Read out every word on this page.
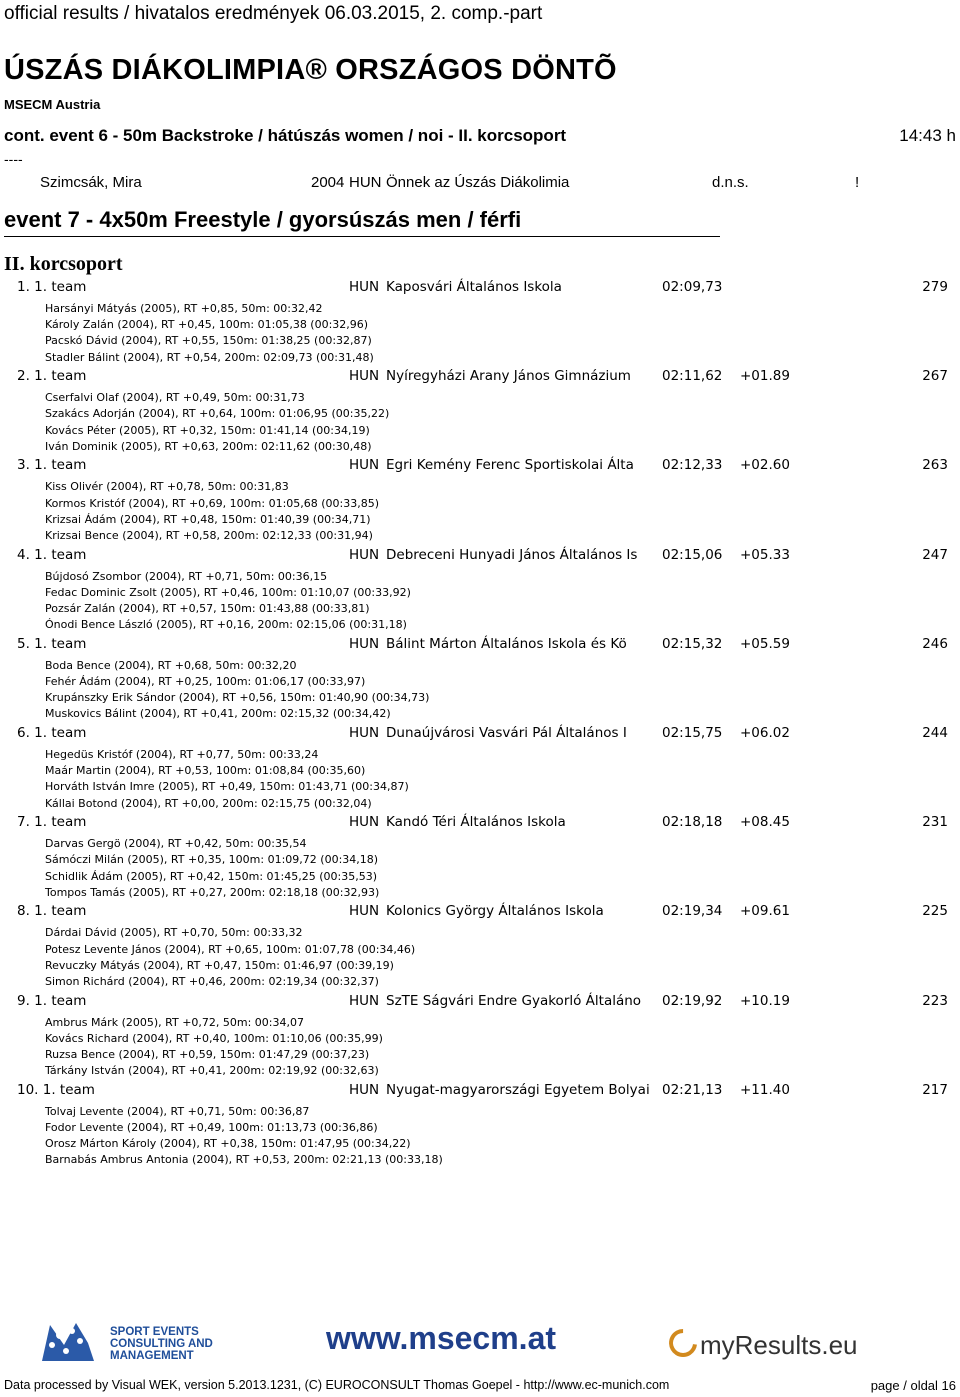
official results / hivatalos eredmények 06.03.2015, 2. comp.-part
ÚSZÁS DIÁKOLIMPIA® ORSZÁGOS DÖNTÕ
MSECM Austria
cont. event 6 - 50m Backstroke / hátúszás women / noi - II. korcsoport	14:43 h
----
Szimcsák, Mira	2004 HUN Önnek az Úszás Diákolimia	d.n.s.	!
event 7 - 4x50m Freestyle / gyorsúszás men / férfi
II. korcsoport
1. 1. team	HUN Kaposvári Általános Iskola	02:09,73	279
Harsányi Mátyás (2005), RT +0,85, 50m: 00:32,42
Károly Zalán (2004), RT +0,45, 100m: 01:05,38 (00:32,96)
Pacskó Dávid (2004), RT +0,55, 150m: 01:38,25 (00:32,87)
Stadler Bálint (2004), RT +0,54, 200m: 02:09,73 (00:31,48)
2. 1. team	HUN Nyíregyházi Arany János Gimnázium 02:11,62 +01.89	267
Cserfalvi Olaf (2004), RT +0,49, 50m: 00:31,73
Szakács Adorján (2004), RT +0,64, 100m: 01:06,95 (00:35,22)
Kovács Péter (2005), RT +0,32, 150m: 01:41,14 (00:34,19)
Iván Dominik (2005), RT +0,63, 200m: 02:11,62 (00:30,48)
3. 1. team	HUN Egri Kemény Ferenc Sportiskolai Álta 02:12,33 +02.60	263
Kiss Olivér (2004), RT +0,78, 50m: 00:31,83
Kormos Kristóf (2004), RT +0,69, 100m: 01:05,68 (00:33,85)
Krizsai Ádám (2004), RT +0,48, 150m: 01:40,39 (00:34,71)
Krizsai Bence (2004), RT +0,58, 200m: 02:12,33 (00:31,94)
4. 1. team	HUN Debreceni Hunyadi János Általános Is 02:15,06 +05.33	247
Bújdosó Zsombor (2004), RT +0,71, 50m: 00:36,15
Fedac Dominic Zsolt (2005), RT +0,46, 100m: 01:10,07 (00:33,92)
Pozsár Zalán (2004), RT +0,57, 150m: 01:43,88 (00:33,81)
Ónodi Bence László (2005), RT +0,16, 200m: 02:15,06 (00:31,18)
5. 1. team	HUN Bálint Márton Általános Iskola és Kö	02:15,32 +05.59	246
Boda Bence (2004), RT +0,68, 50m: 00:32,20
Fehér Ádám (2004), RT +0,25, 100m: 01:06,17 (00:33,97)
Krupánszky Erik Sándor (2004), RT +0,56, 150m: 01:40,90 (00:34,73)
Muskovics Bálint (2004), RT +0,41, 200m: 02:15,32 (00:34,42)
6. 1. team	HUN Dunaújvárosi Vasvári Pál Általános I	02:15,75 +06.02	244
Hegedüs Kristóf (2004), RT +0,77, 50m: 00:33,24
Maár Martin (2004), RT +0,53, 100m: 01:08,84 (00:35,60)
Horváth István Imre (2005), RT +0,49, 150m: 01:43,71 (00:34,87)
Kállai Botond (2004), RT +0,00, 200m: 02:15,75 (00:32,04)
7. 1. team	HUN Kandó Téri Általános Iskola	02:18,18 +08.45	231
Darvas Gergö (2004), RT +0,42, 50m: 00:35,54
Sámóczi Milán (2005), RT +0,35, 100m: 01:09,72 (00:34,18)
Schidlik Ádám (2005), RT +0,42, 150m: 01:45,25 (00:35,53)
Tompos Tamás (2005), RT +0,27, 200m: 02:18,18 (00:32,93)
8. 1. team	HUN Kolonics György Általános Iskola	02:19,34 +09.61	225
Dárdai Dávid (2005), RT +0,70, 50m: 00:33,32
Potesz Levente János (2004), RT +0,65, 100m: 01:07,78 (00:34,46)
Revuczky Mátyás (2004), RT +0,47, 150m: 01:46,97 (00:39,19)
Simon Richárd (2004), RT +0,46, 200m: 02:19,34 (00:32,37)
9. 1. team	HUN SzTE Ságvári Endre Gyakorló Általáno 02:19,92 +10.19	223
Ambrus Márk (2005), RT +0,72, 50m: 00:34,07
Kovács Richard (2004), RT +0,40, 100m: 01:10,06 (00:35,99)
Ruzsa Bence (2004), RT +0,59, 150m: 01:47,29 (00:37,23)
Tárkány István (2004), RT +0,41, 200m: 02:19,92 (00:32,63)
10. 1. team	HUN Nyugat-magyarországi Egyetem Bolyai 02:21,13 +11.40	217
Tolvaj Levente (2004), RT +0,71, 50m: 00:36,87
Fodor Levente (2004), RT +0,49, 100m: 01:13,73 (00:36,86)
Orosz Márton Károly (2004), RT +0,38, 150m: 01:47,95 (00:34,22)
Barnabás Ambrus Antonia (2004), RT +0,53, 200m: 02:21,13 (00:33,18)
SPORT EVENTS
CONSULTING AND
MANAGEMENT	www.msecm.at	myResults.eu
Data processed by Visual WEK, version 5.2013.1231, (C) EUROCONSULT Thomas Goepel - http://www.ec-munich.com	page / oldal 16
